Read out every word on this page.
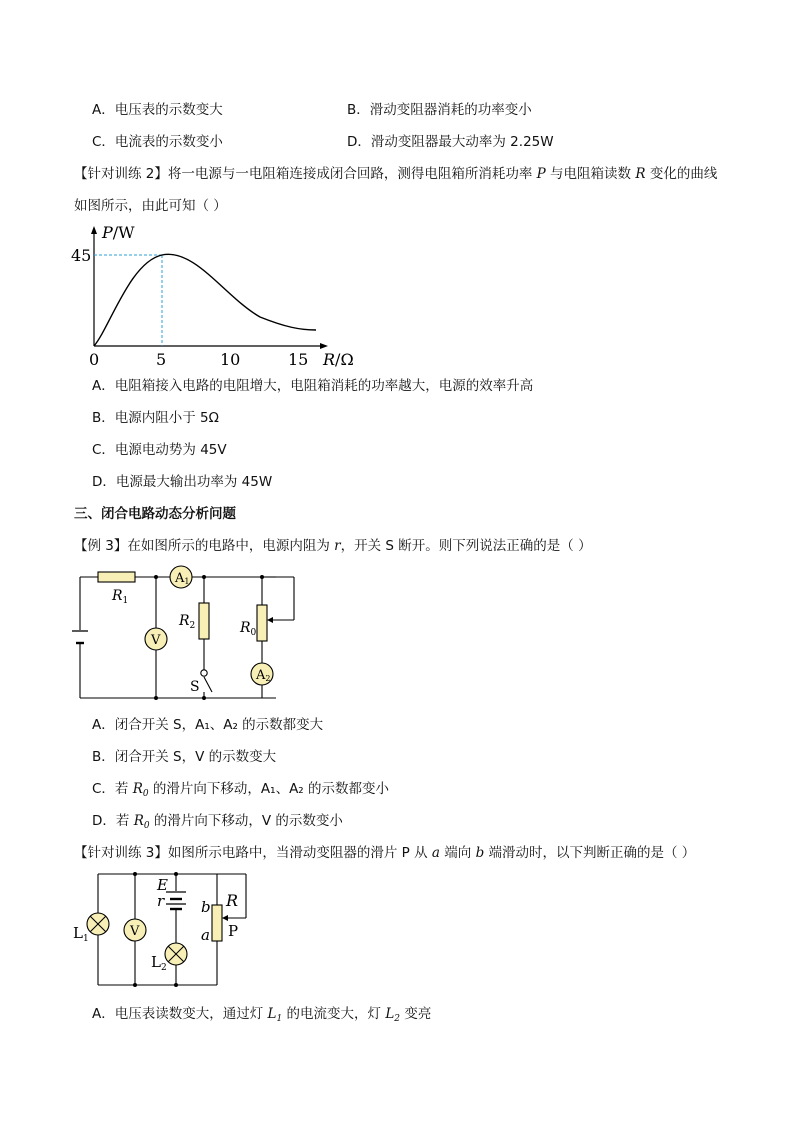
A．电压表的示数变大	B．滑动变阻器消耗的功率变小
C．电流表的示数变小	D．滑动变阻器最大动率为 2.25W
【针对训练 2】将一电源与一电阻箱连接成闭合回路，测得电阻箱所消耗功率 P 与电阻箱读数 R 变化的曲线
如图所示，由此可知（ ）
P/W
R/Ω
45
0	5	10	15
A．电阻箱接入电路的电阻增大，电阻箱消耗的功率越大，电源的效率升高
B．电源内阻小于 5Ω
C．电源电动势为 45V
D．电源最大输出功率为 45W
三、闭合电路动态分析问题
【例 3】在如图所示的电路中，电源内阻为 r，开关 S 断开。则下列说法正确的是（ ）
$R_1$
A1
V
$R_2$
S
$R_0$
A2
A．闭合开关 S，A₁、A₂ 的示数都变大
B．闭合开关 S，V 的示数变大
C．若 $R_0$ 的滑片向下移动，A₁、A₂ 的示数都变小
D．若 $R_0$ 的滑片向下移动，V 的示数变小
【针对训练 3】如图所示电路中，当滑动变阻器的滑片 P 从 a 端向 b 端滑动时，以下判断正确的是（ ）
$L_1$	V
E
r
$L_2$
R
b
a P
A．电压表读数变大，通过灯 $L_1$ 的电流变大，灯 $L_2$ 变亮
